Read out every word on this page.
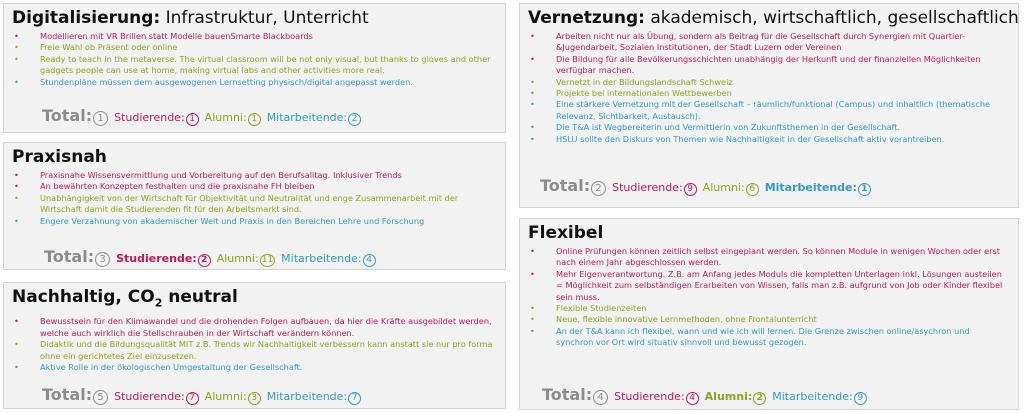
Digitalisierung: Infrastruktur, Unterricht
• Modellieren mit VR Brillen statt Modelle bauenSmarte Blackboards
• Freie Wahl ob Präsent oder online
• Ready to teach in the metaverse. The virtual classroom will be not only visual, but thanks to gloves and other gadgets people can use at home, making virtual labs and other activities more real.
• Stundenpläne müssen dem ausgewogenen Lernsetting physisch/digital angepasst werden.
Total: 1 Studierende: 1 Alumni: 1 Mitarbeitende: 2
Praxisnah
• Praxisnahe Wissensvermittlung und Vorbereitung auf den Berufsalltag. Inklusiver Trends
• An bewährten Konzepten festhalten und die praxisnahe FH bleiben
• Unabhängigkeit von der Wirtschaft für Objektivität und Neutralität und enge Zusammenarbeit mit der Wirtschaft damit die Studierenden fit für den Arbeitsmarkt sind.
• Engere Verzahnung von akademischer Welt und Praxis in den Bereichen Lehre und Forschung
Total: 3 Studierende: 2 Alumni: 11 Mitarbeitende: 4
Nachhaltig, $CO_2$ neutral
• Bewusstsein für den Klimawandel und die drohenden Folgen aufbauen, da hier die Kräfte ausgebildet werden, welche auch wirklich die Stellschrauben in der Wirtschaft verändern können.
• Didaktik und die Bildungsqualität MIT z.B. Trends wir Nachhaltigkeit verbessern kann anstatt sie nur pro forma ohne ein gerichtetes Ziel einzusetzen.
• Aktive Rolle in der ökologischen Umgestaltung der Gesellschaft.
Total: 5 Studierende: 7 Alumni: 3 Mitarbeitende: 7
Vernetzung: akademisch, wirtschaftlich, gesellschaftlich
• Arbeiten nicht nur als Übung, sondern als Beitrag für die Gesellschaft durch Synergien mit Quartier- &Jugendarbeit, Sozialen Institutionen, der Stadt Luzern oder Vereinen
• Die Bildung für alle Bevölkerungsschichten unabhängig der Herkunft und der finanziellen Möglichkeiten verfügbar machen.
• Vernetzt in der Bildungslandschaft Schweiz
• Projekte bei internationalen Wettbewerben
• Eine stärkere Vernetzung mit der Gesellschaft – räumlich/funktional (Campus) und inhaltlich (thematische Relevanz, Sichtbarkeit, Austausch).
• Die T&A ist Wegbereiterin und Vermittlerin von Zukunftsthemen in der Gesellschaft.
• HSLU sollte den Diskurs von Themen wie Nachhaltigkeit in der Gesellschaft aktiv vorantreiben.
Total: 2 Studierende: 9 Alumni: 6 Mitarbeitende: 1
Flexibel
• Online Prüfungen können zeitlich selbst eingeplant werden. So können Module in wenigen Wochen oder erst nach einem Jahr abgeschlossen werden.
• Mehr Eigenverantwortung. Z.B. am Anfang jedes Moduls die kompletten Unterlagen inkl. Lösungen austeilen = Möglichkeit zum selbständigen Erarbeiten von Wissen, falls man z.B. aufgrund von Job oder Kinder flexibel sein muss.
• Flexible Studienzeiten
• Neue, flexible innovative Lernmethoden, ohne Frontalunterricht
• An der T&A kann ich flexibel, wann und wie ich will lernen. Die Grenze zwischen online/asychron und synchron vor Ort wird situativ sinnvoll und bewusst gezogen.
Total: 4 Studierende: 4 Alumni: 2 Mitarbeitende: 9
